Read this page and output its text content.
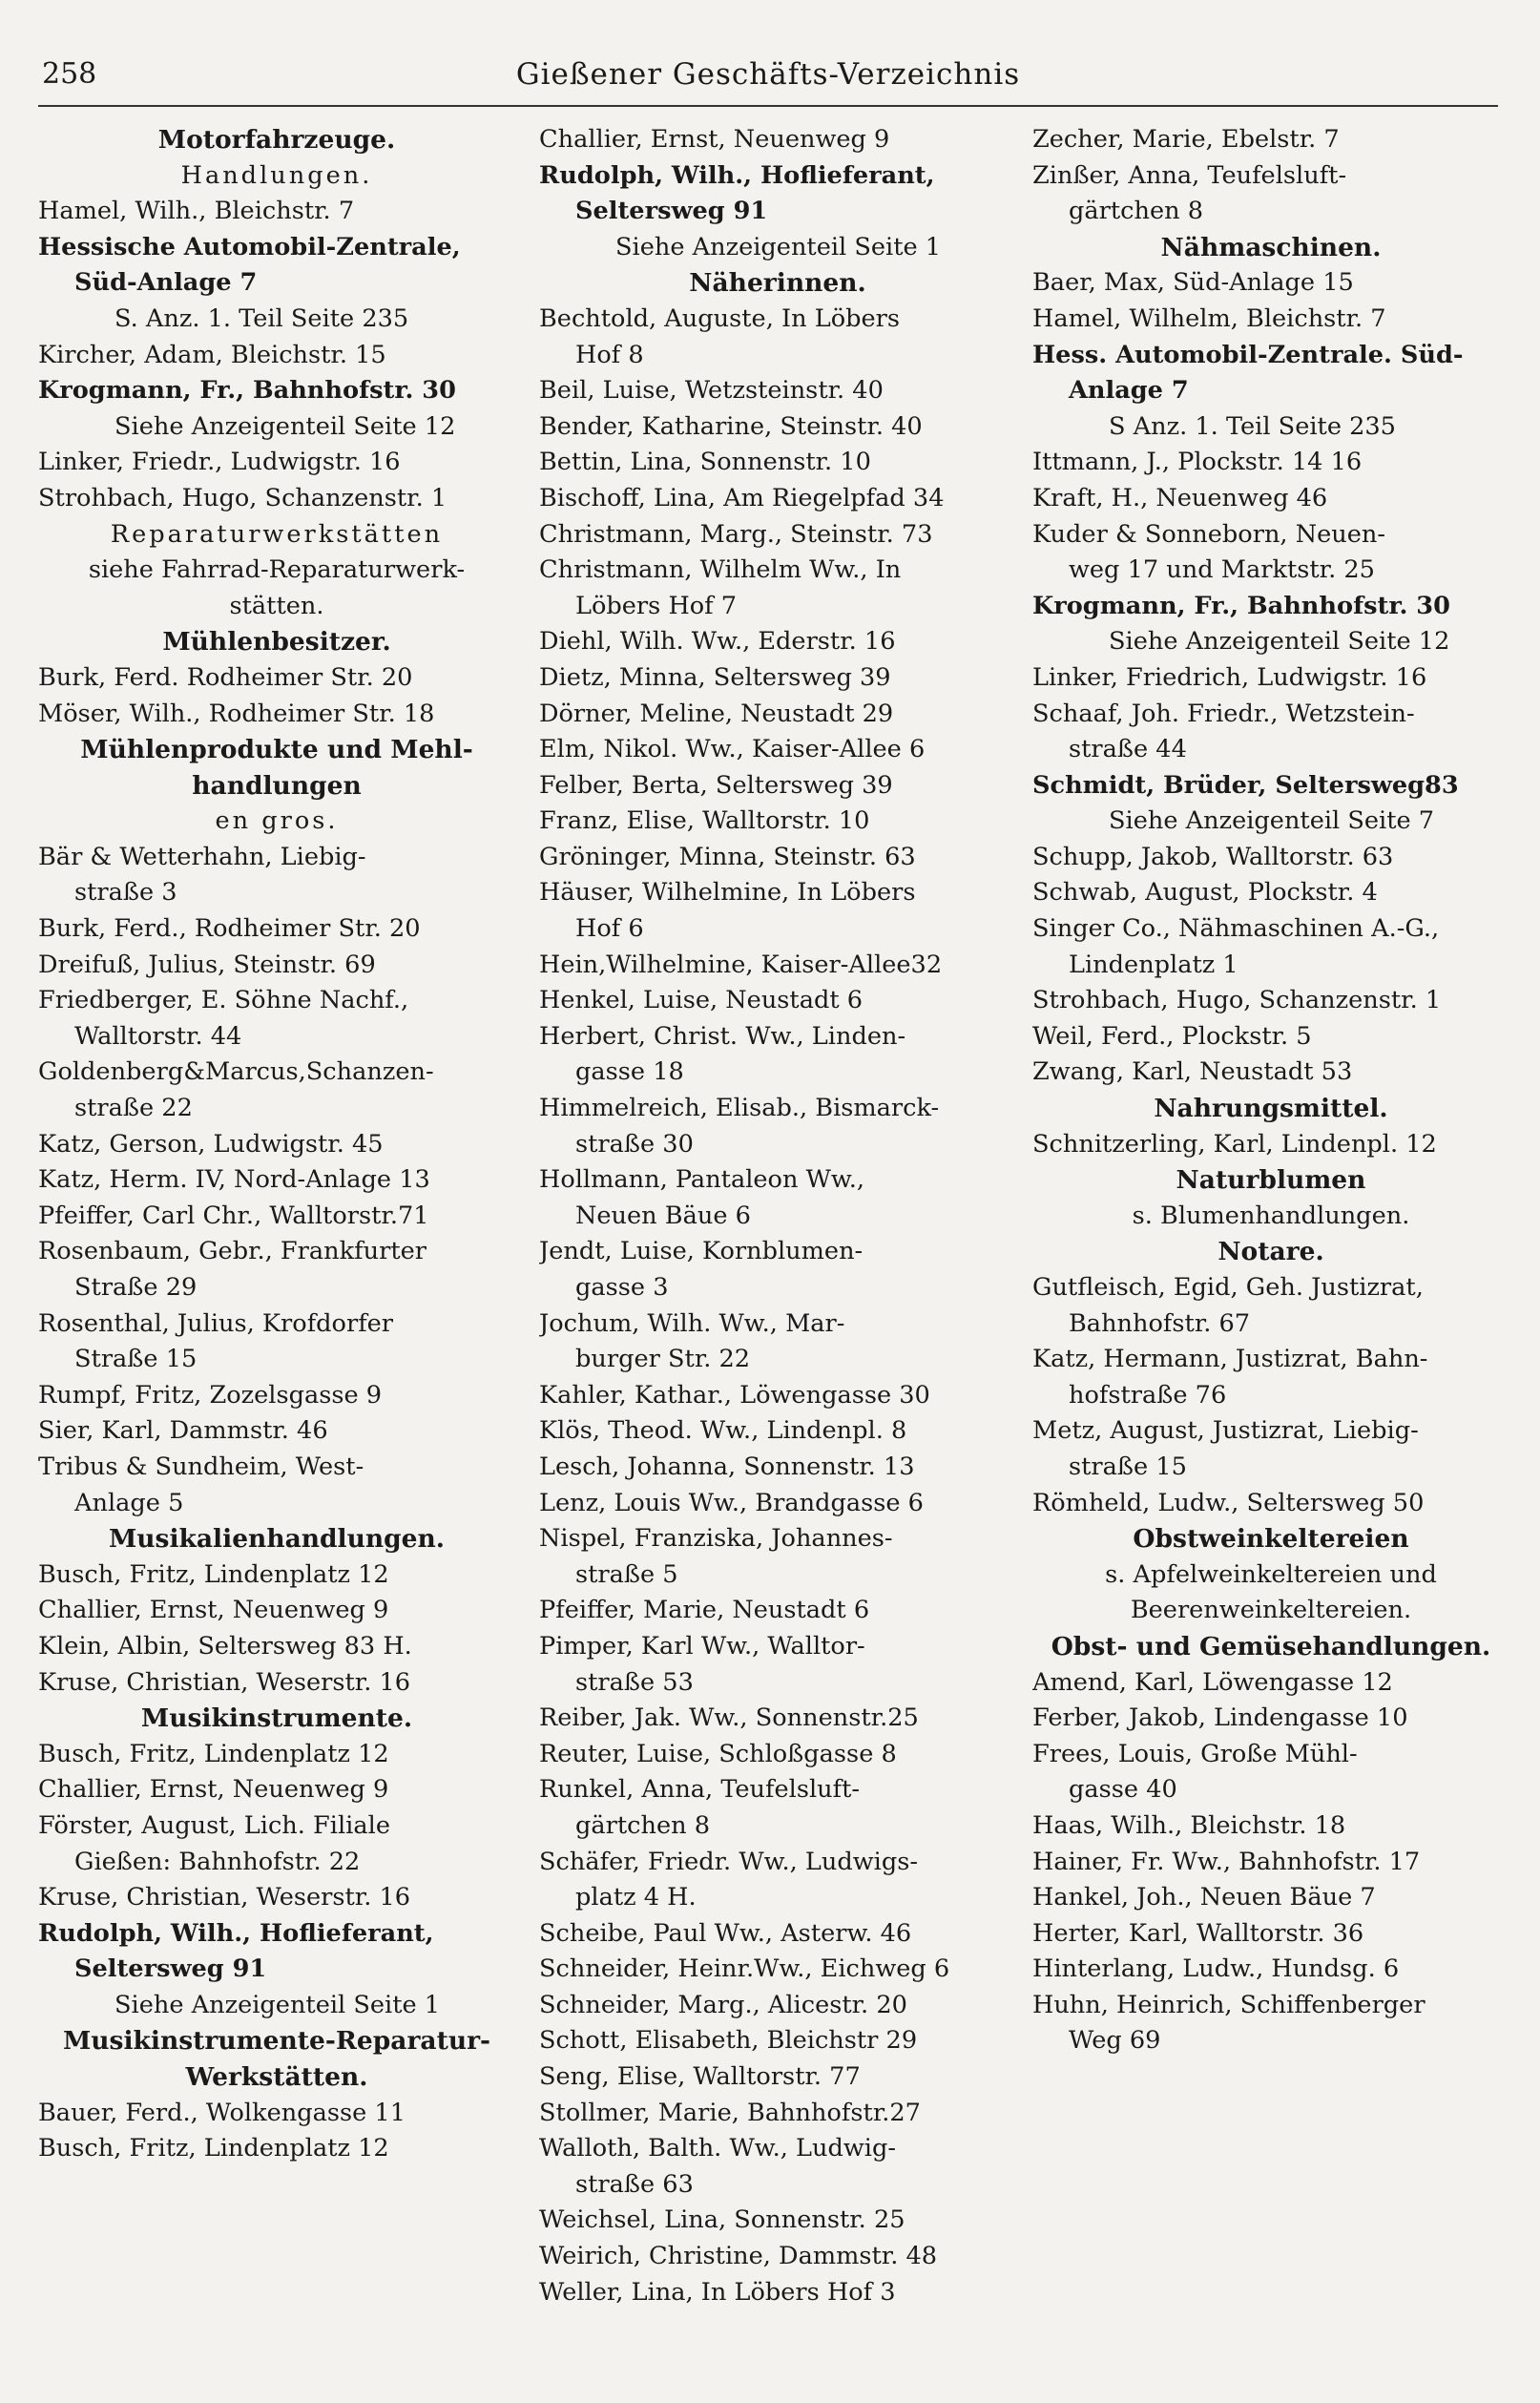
258	Gießener Geschäfts-Verzeichnis
Motorfahrzeuge.
Handlungen.
Hamel, Wilh., Bleichstr. 7
Hessische Automobil-Zentrale,
Süd-Anlage 7
S. Anz. 1. Teil Seite 235
Kircher, Adam, Bleichstr. 15
Krogmann, Fr., Bahnhofstr. 30
Siehe Anzeigenteil Seite 12
Linker, Friedr., Ludwigstr. 16
Strohbach, Hugo, Schanzenstr. 1
Reparaturwerkstätten
siehe Fahrrad-Reparaturwerk-
stätten.
Mühlenbesitzer.
Burk, Ferd. Rodheimer Str. 20
Möser, Wilh., Rodheimer Str. 18
Mühlenprodukte und Mehl-
handlungen
en gros.
Bär & Wetterhahn, Liebig-
straße 3
Burk, Ferd., Rodheimer Str. 20
Dreifuß, Julius, Steinstr. 69
Friedberger, E. Söhne Nachf.,
Walltorstr. 44
Goldenberg&Marcus,Schanzen-
straße 22
Katz, Gerson, Ludwigstr. 45
Katz, Herm. IV, Nord-Anlage 13
Pfeiffer, Carl Chr., Walltorstr.71
Rosenbaum, Gebr., Frankfurter
Straße 29
Rosenthal, Julius, Krofdorfer
Straße 15
Rumpf, Fritz, Zozelsgasse 9
Sier, Karl, Dammstr. 46
Tribus & Sundheim, West-
Anlage 5
Musikalienhandlungen.
Busch, Fritz, Lindenplatz 12
Challier, Ernst, Neuenweg 9
Klein, Albin, Seltersweg 83 H.
Kruse, Christian, Weserstr. 16
Musikinstrumente.
Busch, Fritz, Lindenplatz 12
Challier, Ernst, Neuenweg 9
Förster, August, Lich. Filiale
Gießen: Bahnhofstr. 22
Kruse, Christian, Weserstr. 16
Rudolph, Wilh., Hoflieferant,
Seltersweg 91
Siehe Anzeigenteil Seite 1
Musikinstrumente-Reparatur-
Werkstätten.
Bauer, Ferd., Wolkengasse 11
Busch, Fritz, Lindenplatz 12
Challier, Ernst, Neuenweg 9
Rudolph, Wilh., Hoflieferant,
Seltersweg 91
Siehe Anzeigenteil Seite 1
Näherinnen.
Bechtold, Auguste, In Löbers
Hof 8
Beil, Luise, Wetzsteinstr. 40
Bender, Katharine, Steinstr. 40
Bettin, Lina, Sonnenstr. 10
Bischoff, Lina, Am Riegelpfad 34
Christmann, Marg., Steinstr. 73
Christmann, Wilhelm Ww., In
Löbers Hof 7
Diehl, Wilh. Ww., Ederstr. 16
Dietz, Minna, Seltersweg 39
Dörner, Meline, Neustadt 29
Elm, Nikol. Ww., Kaiser-Allee 6
Felber, Berta, Seltersweg 39
Franz, Elise, Walltorstr. 10
Gröninger, Minna, Steinstr. 63
Häuser, Wilhelmine, In Löbers
Hof 6
Hein,Wilhelmine, Kaiser-Allee32
Henkel, Luise, Neustadt 6
Herbert, Christ. Ww., Linden-
gasse 18
Himmelreich, Elisab., Bismarck-
straße 30
Hollmann, Pantaleon Ww.,
Neuen Bäue 6
Jendt, Luise, Kornblumen-
gasse 3
Jochum, Wilh. Ww., Mar-
burger Str. 22
Kahler, Kathar., Löwengasse 30
Klös, Theod. Ww., Lindenpl. 8
Lesch, Johanna, Sonnenstr. 13
Lenz, Louis Ww., Brandgasse 6
Nispel, Franziska, Johannes-
straße 5
Pfeiffer, Marie, Neustadt 6
Pimper, Karl Ww., Walltor-
straße 53
Reiber, Jak. Ww., Sonnenstr.25
Reuter, Luise, Schloßgasse 8
Runkel, Anna, Teufelsluft-
gärtchen 8
Schäfer, Friedr. Ww., Ludwigs-
platz 4 H.
Scheibe, Paul Ww., Asterw. 46
Schneider, Heinr.Ww., Eichweg 6
Schneider, Marg., Alicestr. 20
Schott, Elisabeth, Bleichstr 29
Seng, Elise, Walltorstr. 77
Stollmer, Marie, Bahnhofstr.27
Walloth, Balth. Ww., Ludwig-
straße 63
Weichsel, Lina, Sonnenstr. 25
Weirich, Christine, Dammstr. 48
Weller, Lina, In Löbers Hof 3
Zecher, Marie, Ebelstr. 7
Zinßer, Anna, Teufelsluft-
gärtchen 8
Nähmaschinen.
Baer, Max, Süd-Anlage 15
Hamel, Wilhelm, Bleichstr. 7
Hess. Automobil-Zentrale. Süd-
Anlage 7
S Anz. 1. Teil Seite 235
Ittmann, J., Plockstr. 14 16
Kraft, H., Neuenweg 46
Kuder & Sonneborn, Neuen-
weg 17 und Marktstr. 25
Krogmann, Fr., Bahnhofstr. 30
Siehe Anzeigenteil Seite 12
Linker, Friedrich, Ludwigstr. 16
Schaaf, Joh. Friedr., Wetzstein-
straße 44
Schmidt, Brüder, Seltersweg83
Siehe Anzeigenteil Seite 7
Schupp, Jakob, Walltorstr. 63
Schwab, August, Plockstr. 4
Singer Co., Nähmaschinen A.-G.,
Lindenplatz 1
Strohbach, Hugo, Schanzenstr. 1
Weil, Ferd., Plockstr. 5
Zwang, Karl, Neustadt 53
Nahrungsmittel.
Schnitzerling, Karl, Lindenpl. 12
Naturblumen
s. Blumenhandlungen.
Notare.
Gutfleisch, Egid, Geh. Justizrat,
Bahnhofstr. 67
Katz, Hermann, Justizrat, Bahn-
hofstraße 76
Metz, August, Justizrat, Liebig-
straße 15
Römheld, Ludw., Seltersweg 50
Obstweinkeltereien
s. Apfelweinkeltereien und
Beerenweinkeltereien.
Obst- und Gemüsehandlungen.
Amend, Karl, Löwengasse 12
Ferber, Jakob, Lindengasse 10
Frees, Louis, Große Mühl-
gasse 40
Haas, Wilh., Bleichstr. 18
Hainer, Fr. Ww., Bahnhofstr. 17
Hankel, Joh., Neuen Bäue 7
Herter, Karl, Walltorstr. 36
Hinterlang, Ludw., Hundsg. 6
Huhn, Heinrich, Schiffenberger
Weg 69
